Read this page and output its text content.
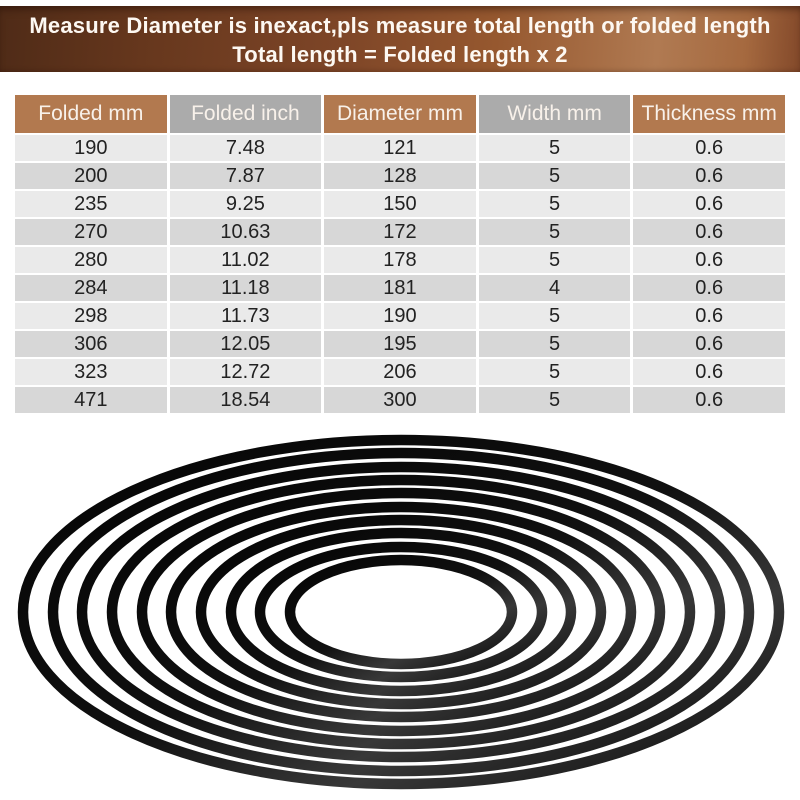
Measure Diameter is inexact,pls measure total length or folded length
Total length = Folded length x 2
Folded mm	Folded inch	Diameter mm	Width mm	Thickness mm
190	7.48	121	5	0.6
200	7.87	128	5	0.6
235	9.25	150	5	0.6
270	10.63	172	5	0.6
280	11.02	178	5	0.6
284	11.18	181	4	0.6
298	11.73	190	5	0.6
306	12.05	195	5	0.6
323	12.72	206	5	0.6
471	18.54	300	5	0.6
